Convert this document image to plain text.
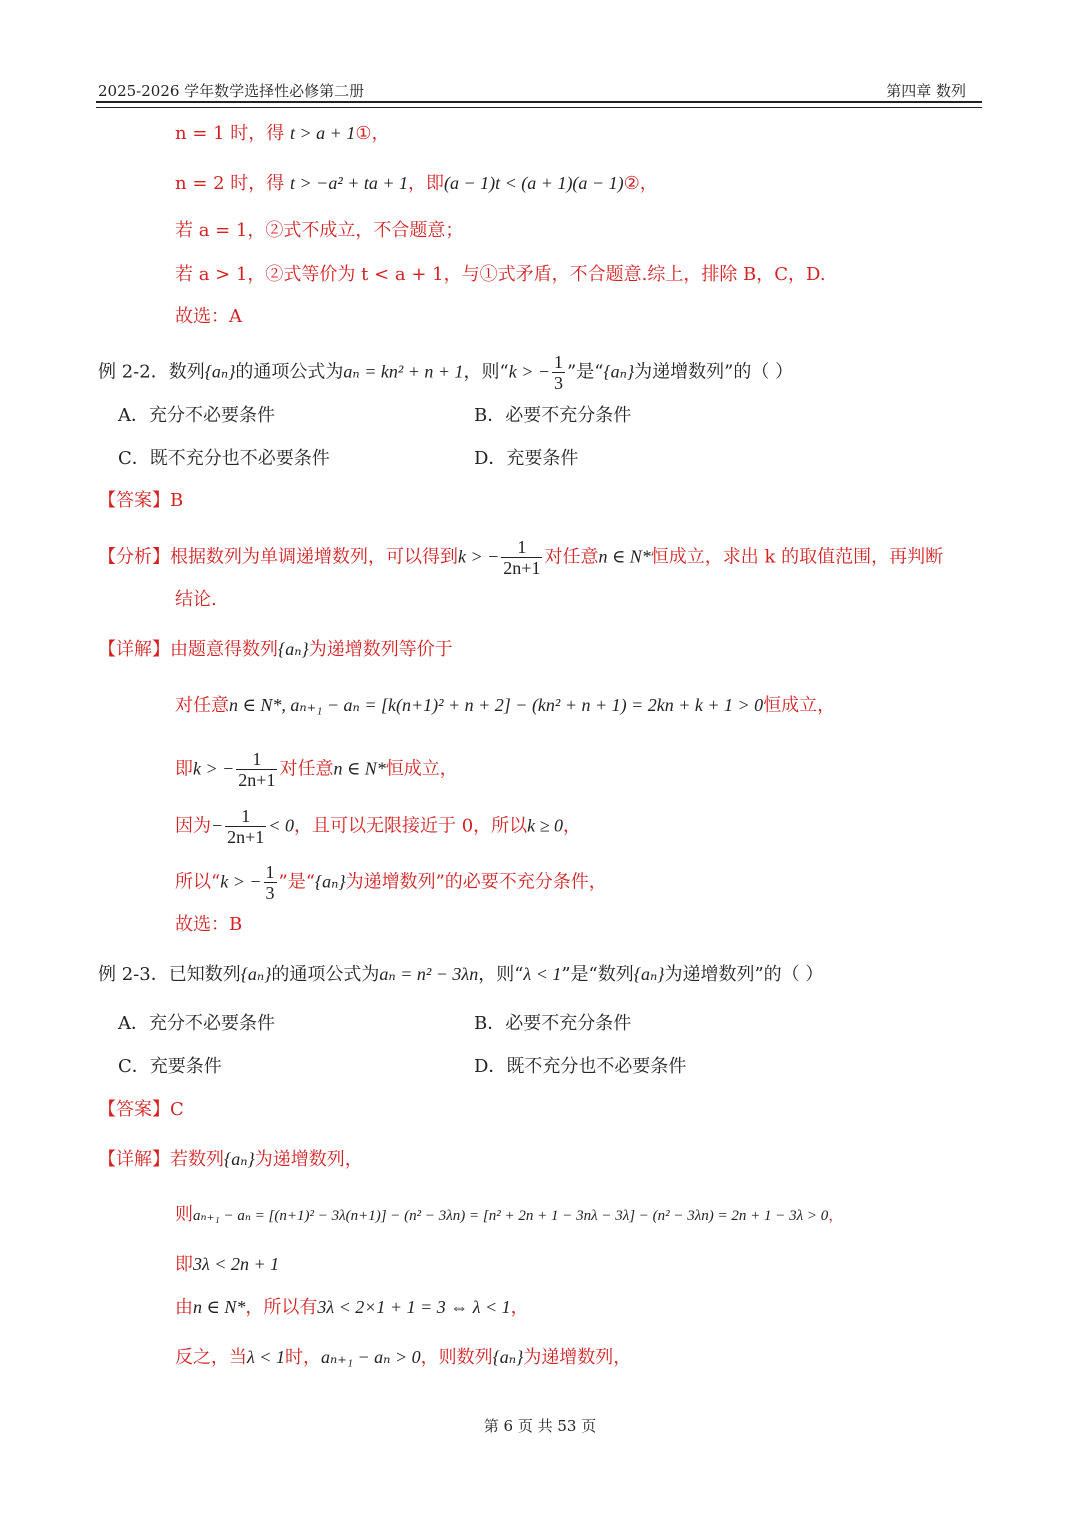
2025-2026 学年数学选择性必修第二册	第四章 数列
n = 1 时，得 t > a + 1①，
n = 2 时，得 t > −a² + ta + 1，即(a − 1)t < (a + 1)(a − 1)②，
若 a = 1，②式不成立，不合题意；
若 a > 1，②式等价为 t < a + 1，与①式矛盾，不合题意.综上，排除 B，C，D.
故选：A
例 2-2．数列{aₙ}的通项公式为aₙ = kn² + n + 1，则“k > − $\frac{1}{3}$ ”是“{aₙ}为递增数列”的（ ）
A．充分不必要条件	B．必要不充分条件
C．既不充分也不必要条件	D．充要条件
【答案】B
【分析】根据数列为单调递增数列，可以得到k > − $\frac{1}{2n+1}$ 对任意n ∈ N*恒成立，求出 k 的取值范围，再判断
结论.
【详解】由题意得数列{aₙ}为递增数列等价于
对任意n ∈ N*, aₙ₊₁ − aₙ = [k(n+1)² + n + 2] − (kn² + n + 1) = 2kn + k + 1 > 0恒成立，
即k > − $\frac{1}{2n+1}$ 对任意n ∈ N*恒成立，
因为− $\frac{1}{2n+1} < 0$，且可以无限接近于 0，所以k ≥ 0，
所以“k > − $\frac{1}{3}$ ”是“{aₙ}为递增数列”的必要不充分条件，
故选：B
例 2-3．已知数列{aₙ}的通项公式为aₙ = n² − 3λn，则“λ < 1”是“数列{aₙ}为递增数列”的（ ）
A．充分不必要条件	B．必要不充分条件
C．充要条件	D．既不充分也不必要条件
【答案】C
【详解】若数列{aₙ}为递增数列，
则aₙ₊₁ − aₙ = [(n+1)² − 3λ(n+1)] − (n² − 3λn) = [n² + 2n + 1 − 3nλ − 3λ] − (n² − 3λn) = 2n + 1 − 3λ > 0，
即3λ < 2n + 1
由n ∈ N*，所以有3λ < 2×1 + 1 = 3 ⇔ λ < 1，
反之，当λ < 1时，aₙ₊₁ − aₙ > 0，则数列{aₙ}为递增数列，
第 6 页 共 53 页
